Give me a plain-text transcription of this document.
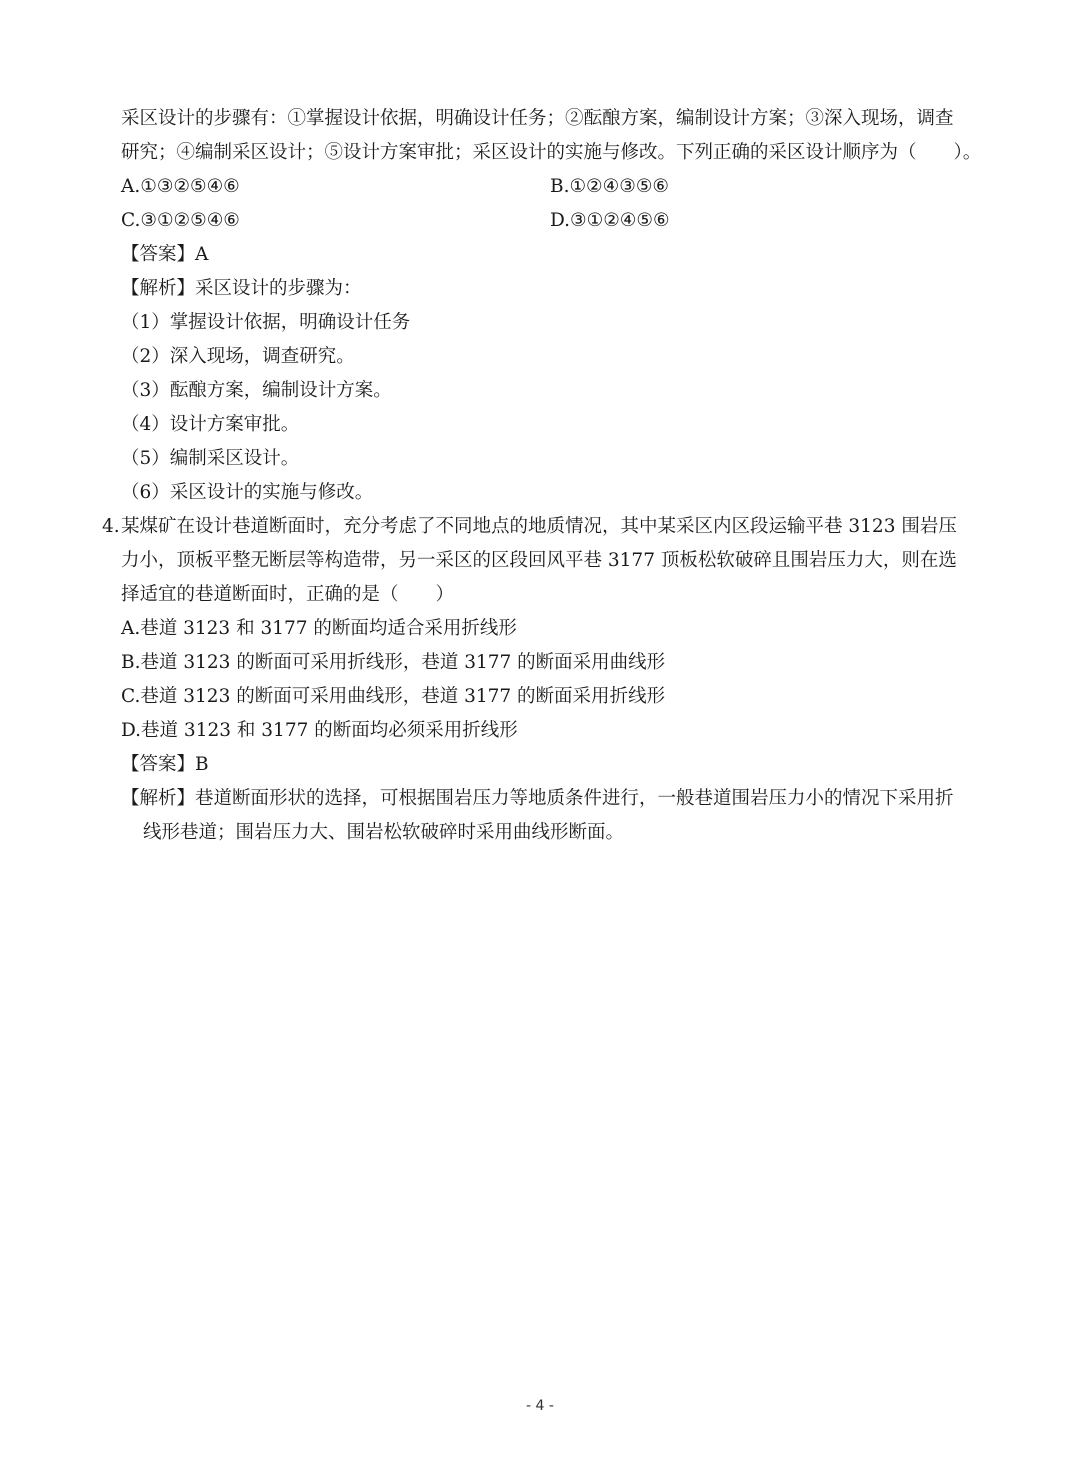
采区设计的步骤有：①掌握设计依据，明确设计任务；②酝酿方案，编制设计方案；③深入现场，调查
研究；④编制采区设计；⑤设计方案审批；采区设计的实施与修改。下列正确的采区设计顺序为（　　）。
A.①③②⑤④⑥	B.①②④③⑤⑥
C.③①②⑤④⑥	D.③①②④⑤⑥
【答案】A
【解析】采区设计的步骤为：
（1）掌握设计依据，明确设计任务
（2）深入现场，调查研究。
（3）酝酿方案，编制设计方案。
（4）设计方案审批。
（5）编制采区设计。
（6）采区设计的实施与修改。
4. 某煤矿在设计巷道断面时，充分考虑了不同地点的地质情况，其中某采区内区段运输平巷 3123 围岩压
力小，顶板平整无断层等构造带，另一采区的区段回风平巷 3177 顶板松软破碎且围岩压力大，则在选
择适宜的巷道断面时，正确的是（　　）
A.巷道 3123 和 3177 的断面均适合采用折线形
B.巷道 3123 的断面可采用折线形，巷道 3177 的断面采用曲线形
C.巷道 3123 的断面可采用曲线形，巷道 3177 的断面采用折线形
D.巷道 3123 和 3177 的断面均必须采用折线形
【答案】B
【解析】巷道断面形状的选择，可根据围岩压力等地质条件进行，一般巷道围岩压力小的情况下采用折
线形巷道；围岩压力大、围岩松软破碎时采用曲线形断面。
- 4 -
